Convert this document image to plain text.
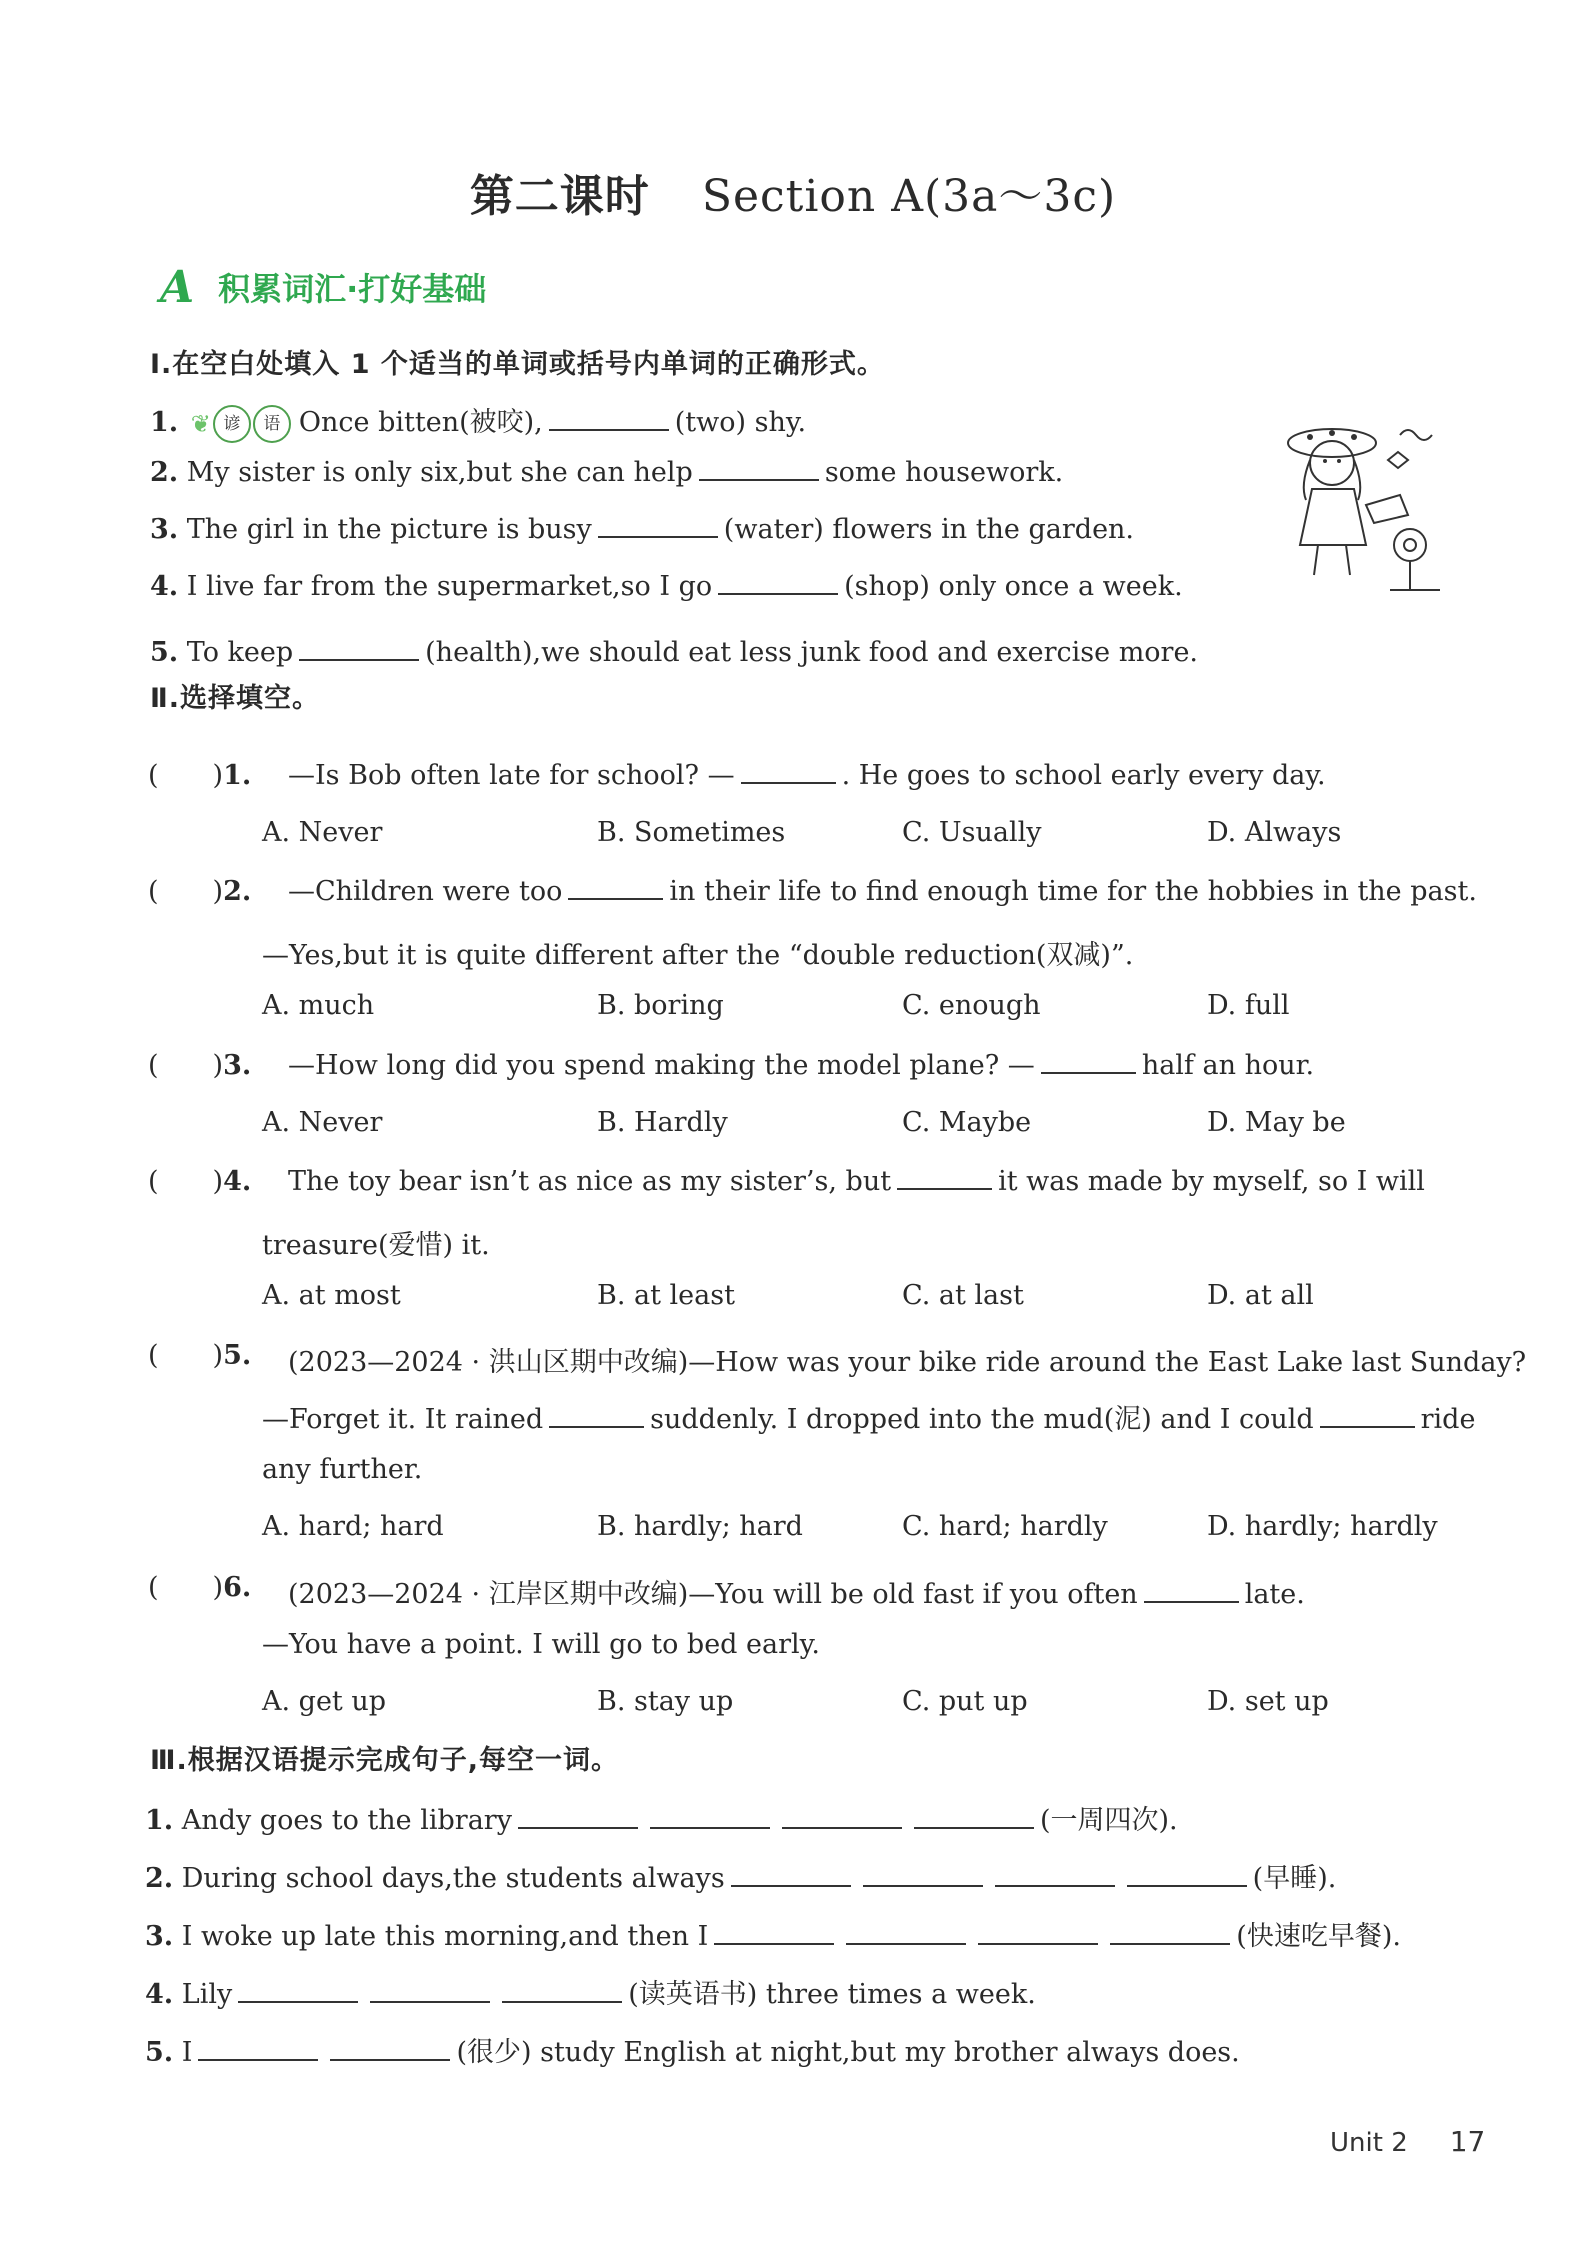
第二课时 Section A(3a～3c)
A 积累词汇·打好基础
Ⅰ.在空白处填入 1 个适当的单词或括号内单词的正确形式。
1. ❦ 谚	语 Once bitten(被咬),	(two) shy.
2. My sister is only six,but she can help	some housework.
3. The girl in the picture is busy	(water) flowers in the garden.
4. I live far from the supermarket,so I go	(shop) only once a week.
5. To keep	(health),we should eat less junk food and exercise more.
Ⅱ.选择填空。
(  )1. —Is Bob often late for school? —	. He goes to school early every day.
A. Never	B. Sometimes	C. Usually	D. Always
(  )2. —Children were too	in their life to find enough time for the hobbies in the past.
—Yes,but it is quite different after the “double reduction(双减)”.
A. much	B. boring	C. enough	D. full
(  )3. —How long did you spend making the model plane? —	half an hour.
A. Never	B. Hardly	C. Maybe	D. May be
(  )4. The toy bear isn’t as nice as my sister’s, but	it was made by myself, so I will
treasure(爱惜) it.
A. at most	B. at least	C. at last	D. at all
(  )5. (2023—2024 · 洪山区期中改编)—How was your bike ride around the East Lake last Sunday?
—Forget it. It rained	suddenly. I dropped into the mud(泥) and I could	ride
any further.
A. hard; hard	B. hardly; hard	C. hard; hardly	D. hardly; hardly
(  )6. (2023—2024 · 江岸区期中改编)—You will be old fast if you often	late.
—You have a point. I will go to bed early.
A. get up	B. stay up	C. put up	D. set up
Ⅲ.根据汉语提示完成句子,每空一词。
1. Andy goes to the library	(一周四次).
2. During school days,the students always	(早睡).
3. I woke up late this morning,and then I	(快速吃早餐).
4. Lily	(读英语书) three times a week.
5. I	(很少) study English at night,but my brother always does.
Unit 2 17
